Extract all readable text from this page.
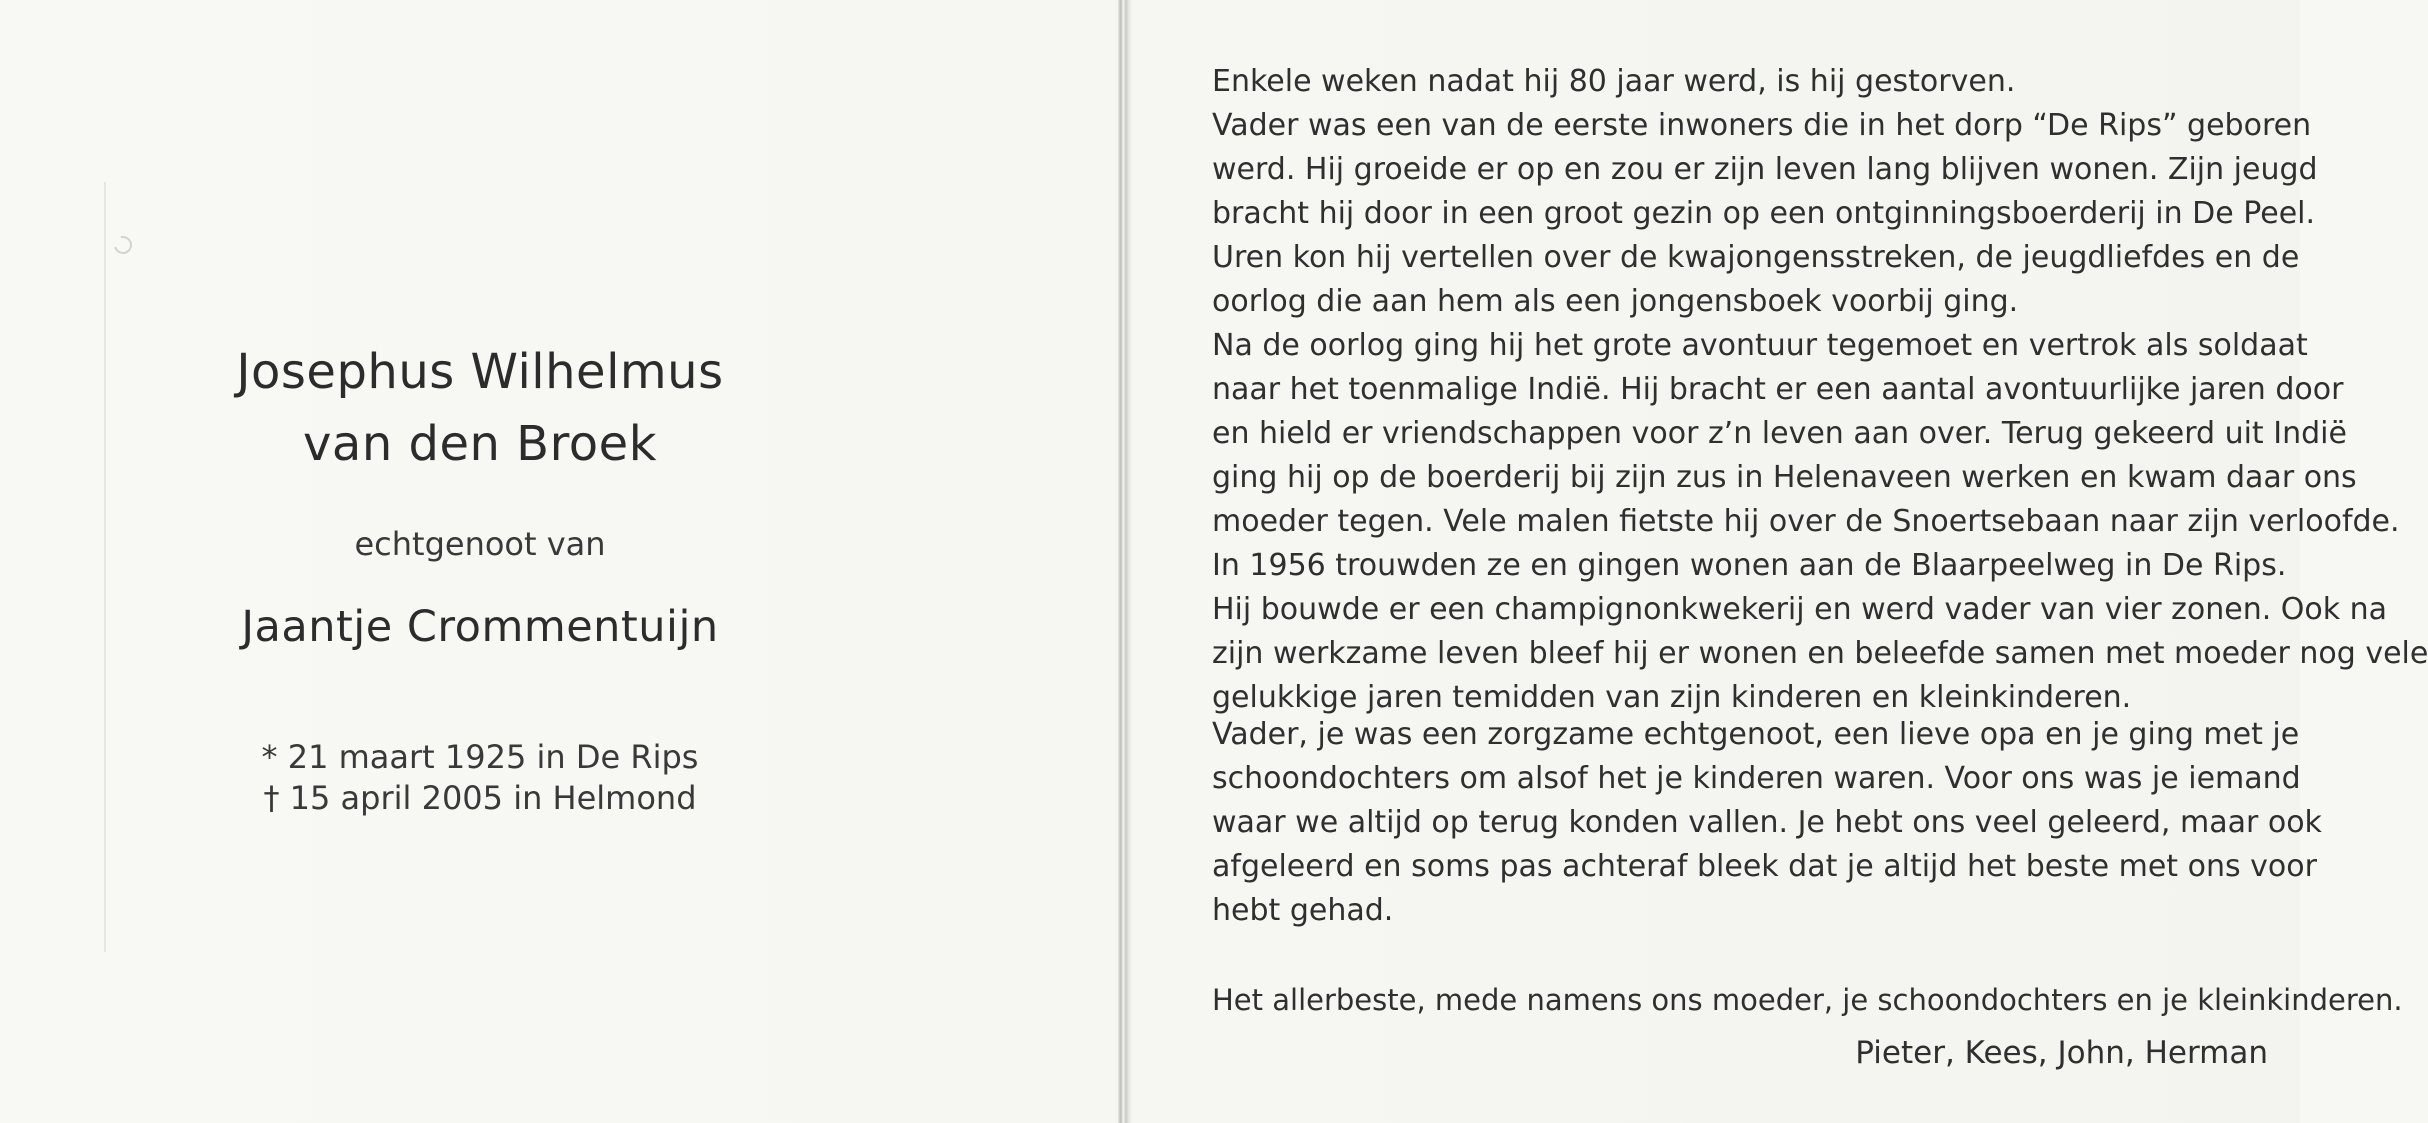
Josephus Wilhelmus
van den Broek
echtgenoot van
Jaantje Crommentuijn
* 21 maart 1925 in De Rips
† 15 april 2005 in Helmond
Enkele weken nadat hij 80 jaar werd, is hij gestorven.
Vader was een van de eerste inwoners die in het dorp “De Rips” geboren
werd. Hij groeide er op en zou er zijn leven lang blijven wonen. Zijn jeugd
bracht hij door in een groot gezin op een ontginningsboerderij in De Peel.
Uren kon hij vertellen over de kwajongensstreken, de jeugdliefdes en de
oorlog die aan hem als een jongensboek voorbij ging.
Na de oorlog ging hij het grote avontuur tegemoet en vertrok als soldaat
naar het toenmalige Indië. Hij bracht er een aantal avontuurlijke jaren door
en hield er vriendschappen voor z’n leven aan over. Terug gekeerd uit Indië
ging hij op de boerderij bij zijn zus in Helenaveen werken en kwam daar ons
moeder tegen. Vele malen fietste hij over de Snoertsebaan naar zijn verloofde.
In 1956 trouwden ze en gingen wonen aan de Blaarpeelweg in De Rips.
Hij bouwde er een champignonkwekerij en werd vader van vier zonen. Ook na
zijn werkzame leven bleef hij er wonen en beleefde samen met moeder nog vele
gelukkige jaren temidden van zijn kinderen en kleinkinderen.
Vader, je was een zorgzame echtgenoot, een lieve opa en je ging met je
schoondochters om alsof het je kinderen waren. Voor ons was je iemand
waar we altijd op terug konden vallen. Je hebt ons veel geleerd, maar ook
afgeleerd en soms pas achteraf bleek dat je altijd het beste met ons voor
hebt gehad.
Het allerbeste, mede namens ons moeder, je schoondochters en je kleinkinderen.
Pieter, Kees, John, Herman
